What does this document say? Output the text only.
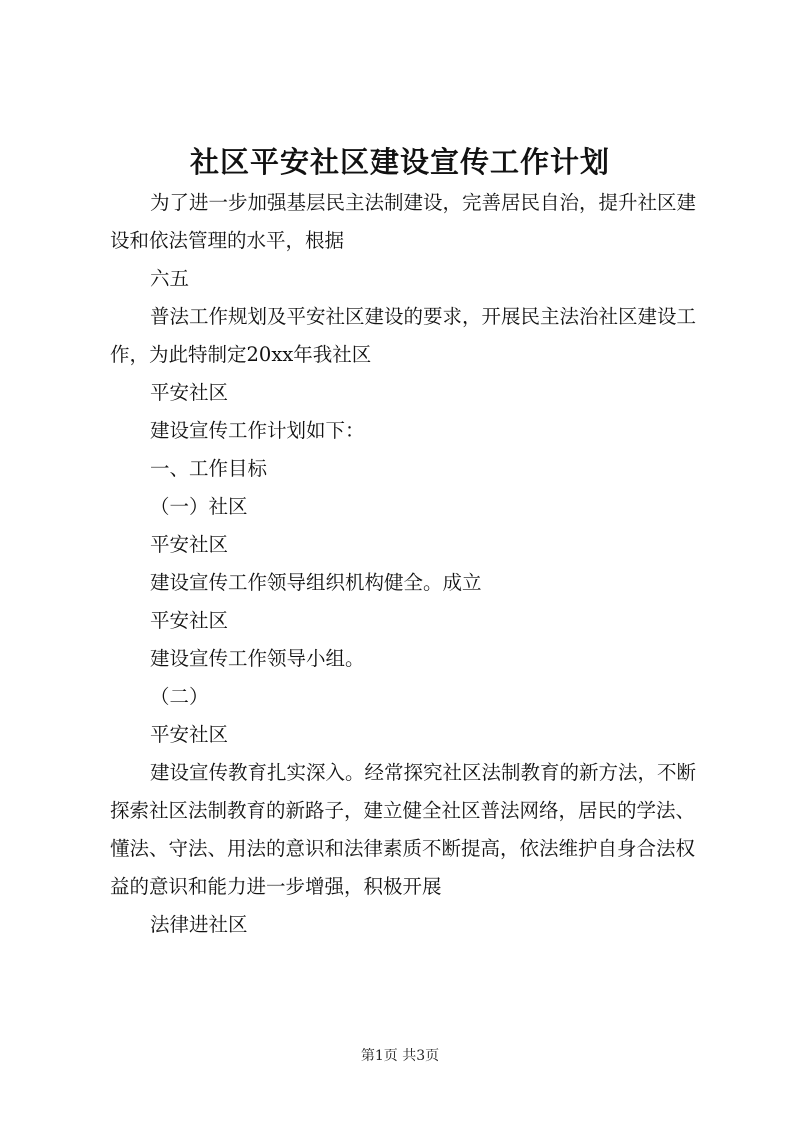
社区平安社区建设宣传工作计划

为了进一步加强基层民主法制建设，完善居民自治，提升社区建设和依法管理的水平，根据

六五

普法工作规划及平安社区建设的要求，开展民主法治社区建设工作，为此特制定20xx年我社区

平安社区

建设宣传工作计划如下：

一、工作目标

（一）社区

平安社区

建设宣传工作领导组织机构健全。成立

平安社区

建设宣传工作领导小组。

（二）

平安社区

建设宣传教育扎实深入。经常探究社区法制教育的新方法，不断探索社区法制教育的新路子，建立健全社区普法网络，居民的学法、懂法、守法、用法的意识和法律素质不断提高，依法维护自身合法权益的意识和能力进一步增强，积极开展

法律进社区

第1页 共3页
